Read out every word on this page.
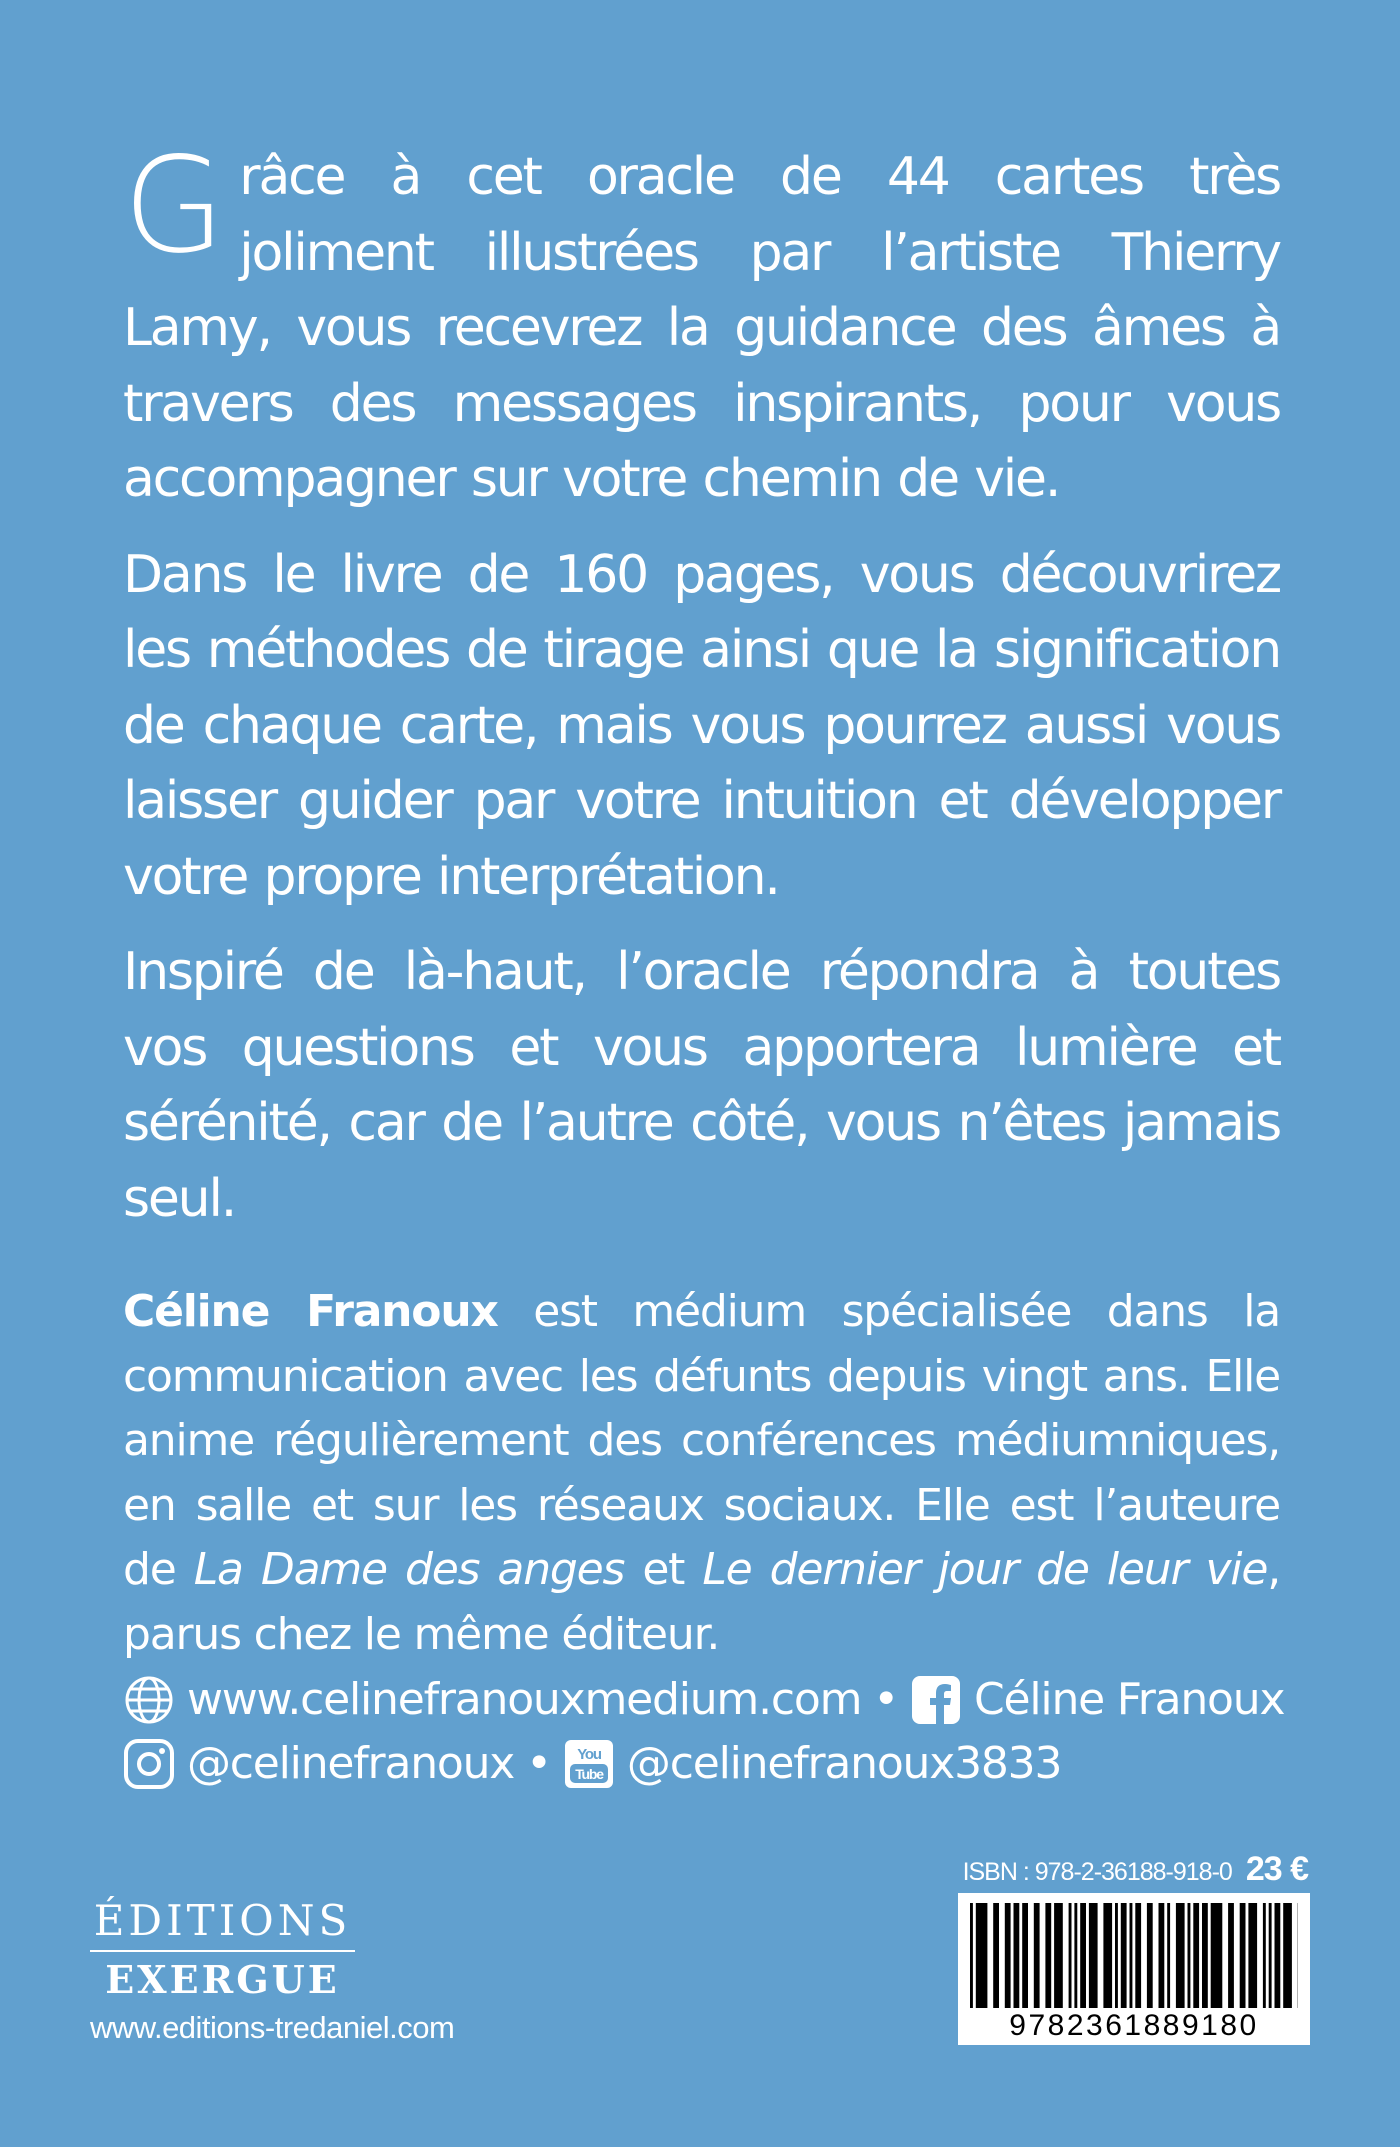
Grâce à cet oracle de 44 cartes très joliment illustrées par l’artiste Thierry Lamy, vous recevrez la guidance des âmes à travers des messages inspirants, pour vous accompagner sur votre chemin de vie.

Dans le livre de 160 pages, vous découvrirez les méthodes de tirage ainsi que la signification de chaque carte, mais vous pourrez aussi vous laisser guider par votre intuition et développer votre propre interprétation.

Inspiré de là-haut, l’oracle répondra à toutes vos questions et vous apportera lumière et sérénité, car de l’autre côté, vous n’êtes jamais seul.

Céline Franoux est médium spécialisée dans la communication avec les défunts depuis vingt ans. Elle anime régulièrement des conférences médiumniques, en salle et sur les réseaux sociaux. Elle est l’auteure de La Dame des anges et Le dernier jour de leur vie, parus chez le même éditeur.
www.celinefranouxmedium.com • Céline Franoux
@celinefranoux • You
Tube @celinefranoux3833
ÉDITIONS
EXERGUE
www.editions-tredaniel.com
ISBN : 978-2-36188-918-0 23 €
9782361889180
